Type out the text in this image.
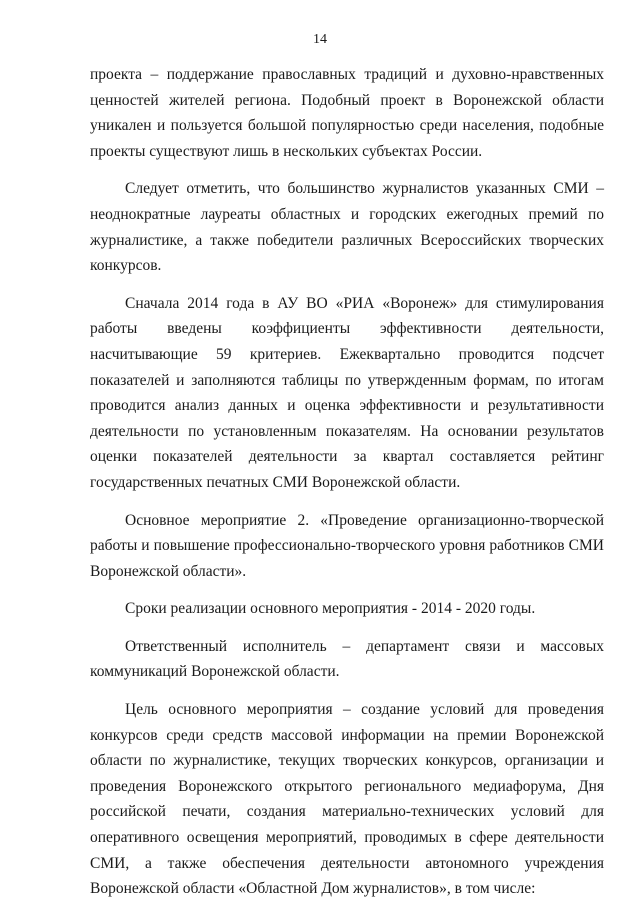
14

проекта – поддержание православных традиций и духовно-нравственных ценностей жителей региона. Подобный проект в Воронежской области уникален и пользуется большой популярностью среди населения, подобные проекты существуют лишь в нескольких субъектах России.

Следует отметить, что большинство журналистов указанных СМИ – неоднократные лауреаты областных и городских ежегодных премий по журналистике, а также победители различных Всероссийских творческих конкурсов.

Сначала 2014 года в АУ ВО «РИА «Воронеж» для стимулирования работы введены коэффициенты эффективности деятельности, насчитывающие 59 критериев. Ежеквартально проводится подсчет показателей и заполняются таблицы по утвержденным формам, по итогам проводится анализ данных и оценка эффективности и результативности деятельности по установленным показателям. На основании результатов оценки показателей деятельности за квартал составляется рейтинг государственных печатных СМИ Воронежской области.

Основное мероприятие 2. «Проведение организационно-творческой работы и повышение профессионально-творческого уровня работников СМИ Воронежской области».

Сроки реализации основного мероприятия - 2014 - 2020 годы.

Ответственный исполнитель – департамент связи и массовых коммуникаций Воронежской области.

Цель основного мероприятия – создание условий для проведения конкурсов среди средств массовой информации на премии Воронежской области по журналистике, текущих творческих конкурсов, организации и проведения Воронежского открытого регионального медиафорума, Дня российской печати, создания материально-технических условий для оперативного освещения мероприятий, проводимых в сфере деятельности СМИ, а также обеспечения деятельности автономного учреждения Воронежской области «Областной Дом журналистов», в том числе:
